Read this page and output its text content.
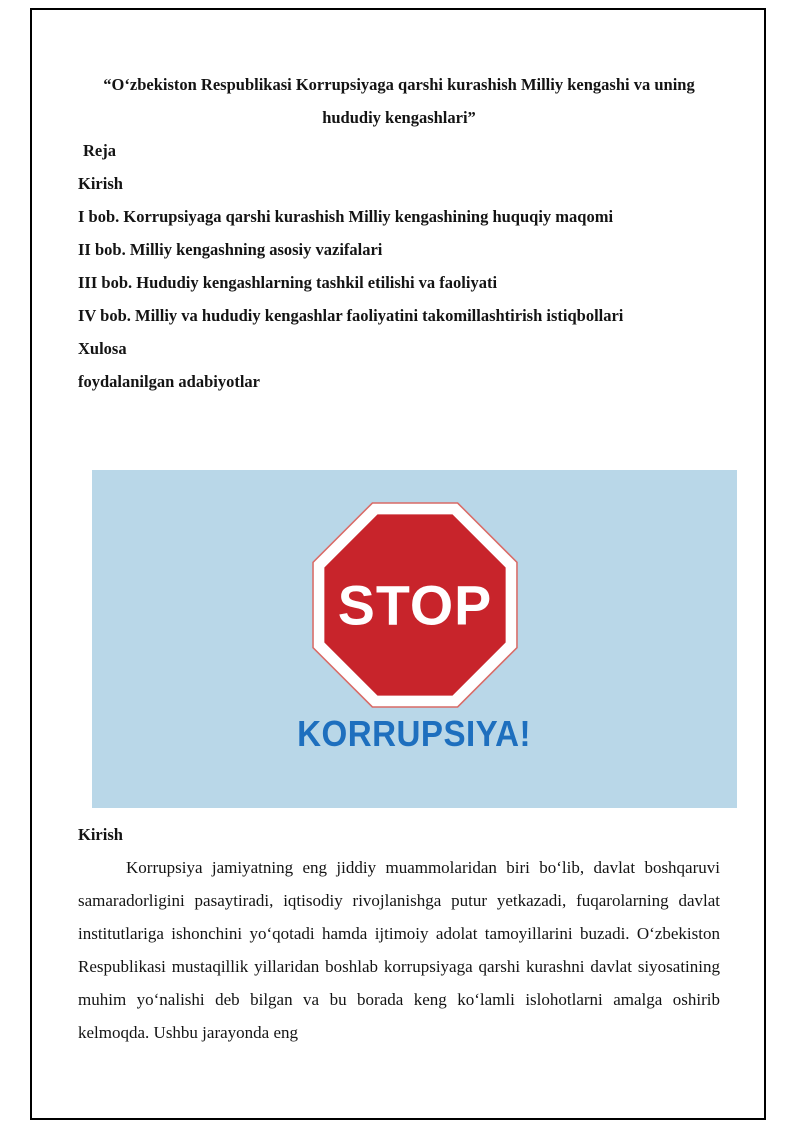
“O‘zbekiston Respublikasi Korrupsiyaga qarshi kurashish Milliy kengashi va uning hududiy kengashlari”

Reja

Kirish

I bob. Korrupsiyaga qarshi kurashish Milliy kengashining huquqiy maqomi

II bob. Milliy kengashning asosiy vazifalari

III bob. Hududiy kengashlarning tashkil etilishi va faoliyati

IV bob. Milliy va hududiy kengashlar faoliyatini takomillashtirish istiqbollari

Xulosa

foydalanilgan adabiyotlar

STOP
KORRUPSIYA!
Kirish

Korrupsiya jamiyatning eng jiddiy muammolaridan biri bo‘lib, davlat boshqaruvi samaradorligini pasaytiradi, iqtisodiy rivojlanishga putur yetkazadi, fuqarolarning davlat institutlariga ishonchini yo‘qotadi hamda ijtimoiy adolat tamoyillarini buzadi. O‘zbekiston Respublikasi mustaqillik yillaridan boshlab korrupsiyaga qarshi kurashni davlat siyosatining muhim yo‘nalishi deb bilgan va bu borada keng ko‘lamli islohotlarni amalga oshirib kelmoqda. Ushbu jarayonda eng
